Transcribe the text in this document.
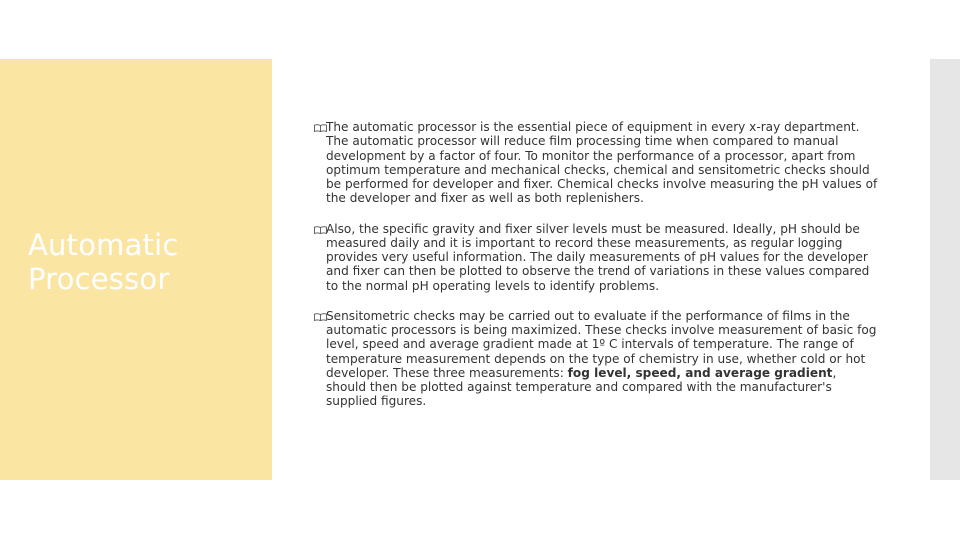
Automatic
Processor
The automatic processor is the essential piece of equipment in every x-ray department. The automatic processor will reduce film processing time when compared to manual development by a factor of four. To monitor the performance of a processor, apart from optimum temperature and mechanical checks, chemical and sensitometric checks should be performed for developer and fixer. Chemical checks involve measuring the pH values of the developer and fixer as well as both replenishers.
Also, the specific gravity and fixer silver levels must be measured. Ideally, pH should be measured daily and it is important to record these measurements, as regular logging provides very useful information. The daily measurements of pH values for the developer and fixer can then be plotted to observe the trend of variations in these values compared to the normal pH operating levels to identify problems.
Sensitometric checks may be carried out to evaluate if the performance of films in the automatic processors is being maximized. These checks involve measurement of basic fog level, speed and average gradient made at 1º C intervals of temperature. The range of temperature measurement depends on the type of chemistry in use, whether cold or hot developer. These three measurements: fog level, speed, and average gradient, should then be plotted against temperature and compared with the manufacturer's supplied figures.
